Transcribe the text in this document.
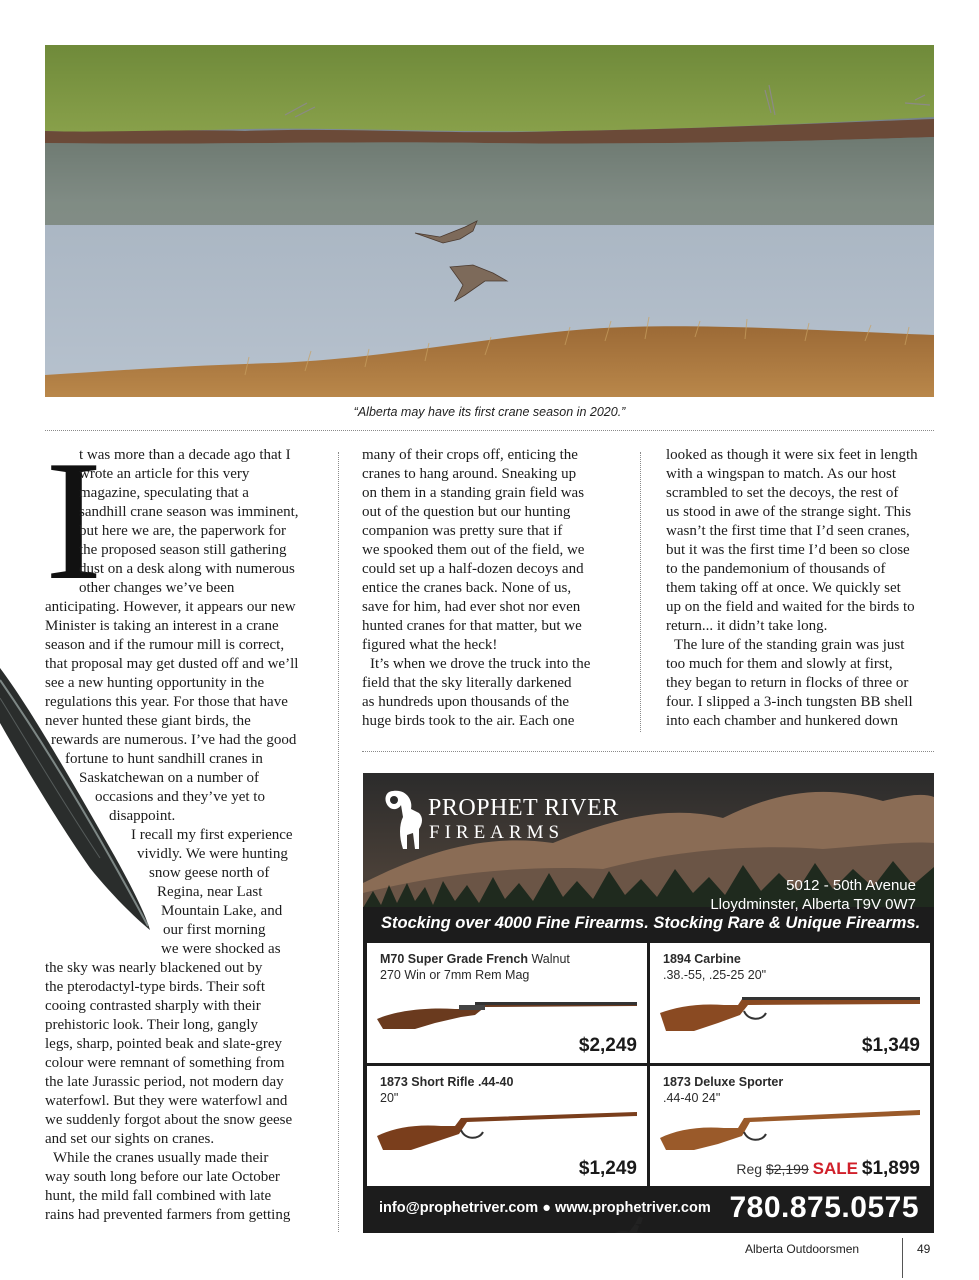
“Alberta may have its first crane season in 2020.”
I
t was more than a decade ago that I
wrote an article for this very
magazine, speculating that a
sandhill crane season was imminent,
but here we are, the paperwork for
the proposed season still gathering
dust on a desk along with numerous
other changes we’ve been
anticipating. However, it appears our new
Minister is taking an interest in a crane
season and if the rumour mill is correct,
that proposal may get dusted off and we’ll
see a new hunting opportunity in the
regulations this year. For those that have
never hunted these giant birds, the
rewards are numerous. I’ve had the good
fortune to hunt sandhill cranes in
Saskatchewan on a number of
occasions and they’ve yet to
disappoint.
I recall my first experience
vividly. We were hunting
snow geese north of
Regina, near Last
Mountain Lake, and
our first morning
we were shocked as
the sky was nearly blackened out by
the pterodactyl-type birds. Their soft
cooing contrasted sharply with their
prehistoric look. Their long, gangly
legs, sharp, pointed beak and slate-grey
colour were remnant of something from
the late Jurassic period, not modern day
waterfowl. But they were waterfowl and
we suddenly forgot about the snow geese
and set our sights on cranes.
While the cranes usually made their
way south long before our late October
hunt, the mild fall combined with late
rains had prevented farmers from getting
many of their crops off, enticing the
cranes to hang around. Sneaking up
on them in a standing grain field was
out of the question but our hunting
companion was pretty sure that if
we spooked them out of the field, we
could set up a half-dozen decoys and
entice the cranes back. None of us,
save for him, had ever shot nor even
hunted cranes for that matter, but we
figured what the heck!
It’s when we drove the truck into the
field that the sky literally darkened
as hundreds upon thousands of the
huge birds took to the air. Each one
looked as though it were six feet in length
with a wingspan to match. As our host
scrambled to set the decoys, the rest of
us stood in awe of the strange sight. This
wasn’t the first time that I’d seen cranes,
but it was the first time I’d been so close
to the pandemonium of thousands of
them taking off at once. We quickly set
up on the field and waited for the birds to
return... it didn’t take long.
The lure of the standing grain was just
too much for them and slowly at first,
they began to return in flocks of three or
four. I slipped a 3-inch tungsten BB shell
into each chamber and hunkered down
PROPHET RIVER
FIREARMS
5012 - 50th Avenue
Lloydminster, Alberta T9V 0W7
Stocking over 4000 Fine Firearms. Stocking Rare & Unique Firearms.
M70 Super Grade French Walnut
270 Win or 7mm Rem Mag
$2,249
1894 Carbine
.38.-55, .25-25 20"
$1,349
1873 Short Rifle .44-40
20"
$1,249
1873 Deluxe Sporter
.44-40 24"
Reg $2,199 SALE $1,899
info@prophetriver.com ● www.prophetriver.com 780.875.0575
Alberta Outdoorsmen	49
